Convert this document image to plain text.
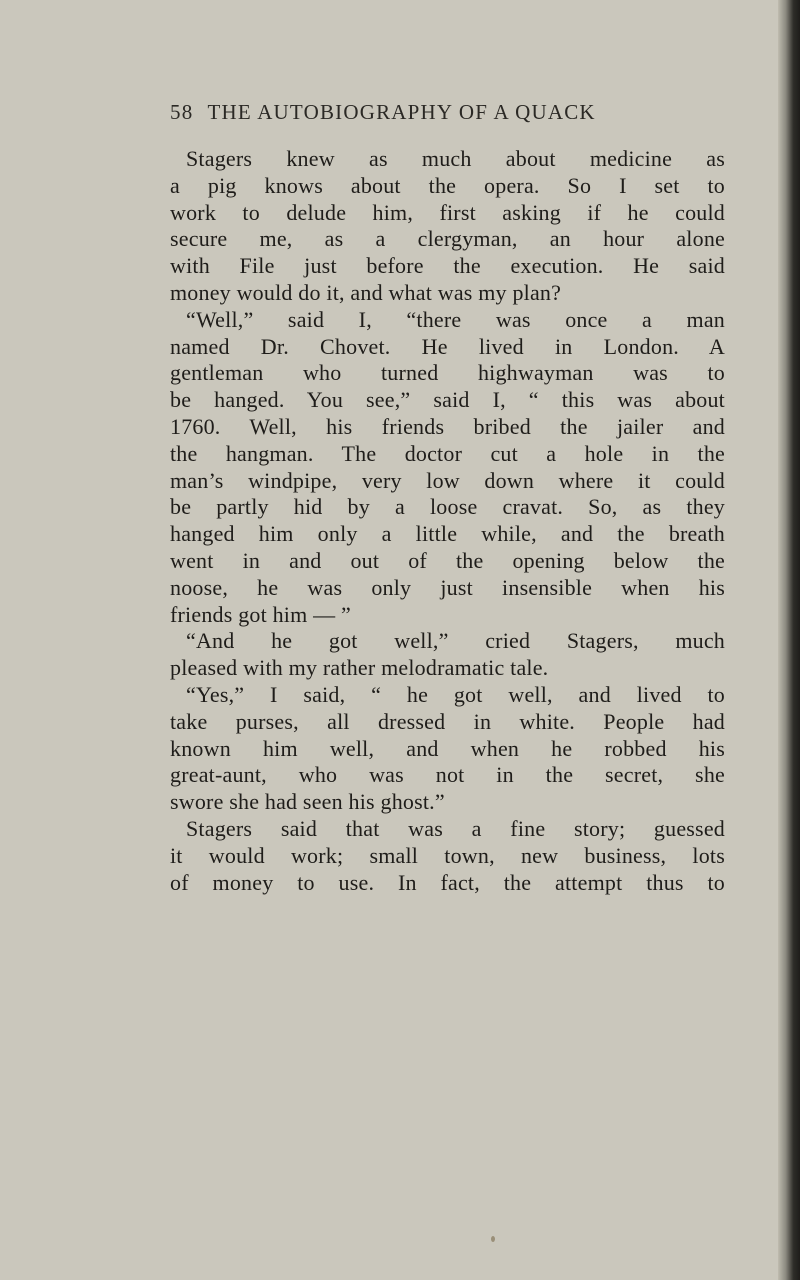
58 THE AUTOBIOGRAPHY OF A QUACK
Stagers knew as much about medicine as
a pig knows about the opera. So I set to
work to delude him, first asking if he could
secure me, as a clergyman, an hour alone
with File just before the execution. He said
money would do it, and what was my plan?
“Well,” said I, “there was once a man
named Dr. Chovet. He lived in London. A
gentleman who turned highwayman was to
be hanged. You see,” said I, “ this was about
1760. Well, his friends bribed the jailer and
the hangman. The doctor cut a hole in the
man’s windpipe, very low down where it could
be partly hid by a loose cravat. So, as they
hanged him only a little while, and the breath
went in and out of the opening below the
noose, he was only just insensible when his
friends got him — ”
“And he got well,” cried Stagers, much
pleased with my rather melodramatic tale.
“Yes,” I said, “ he got well, and lived to
take purses, all dressed in white. People had
known him well, and when he robbed his
great-aunt, who was not in the secret, she
swore she had seen his ghost.”
Stagers said that was a fine story; guessed
it would work; small town, new business, lots
of money to use. In fact, the attempt thus to
